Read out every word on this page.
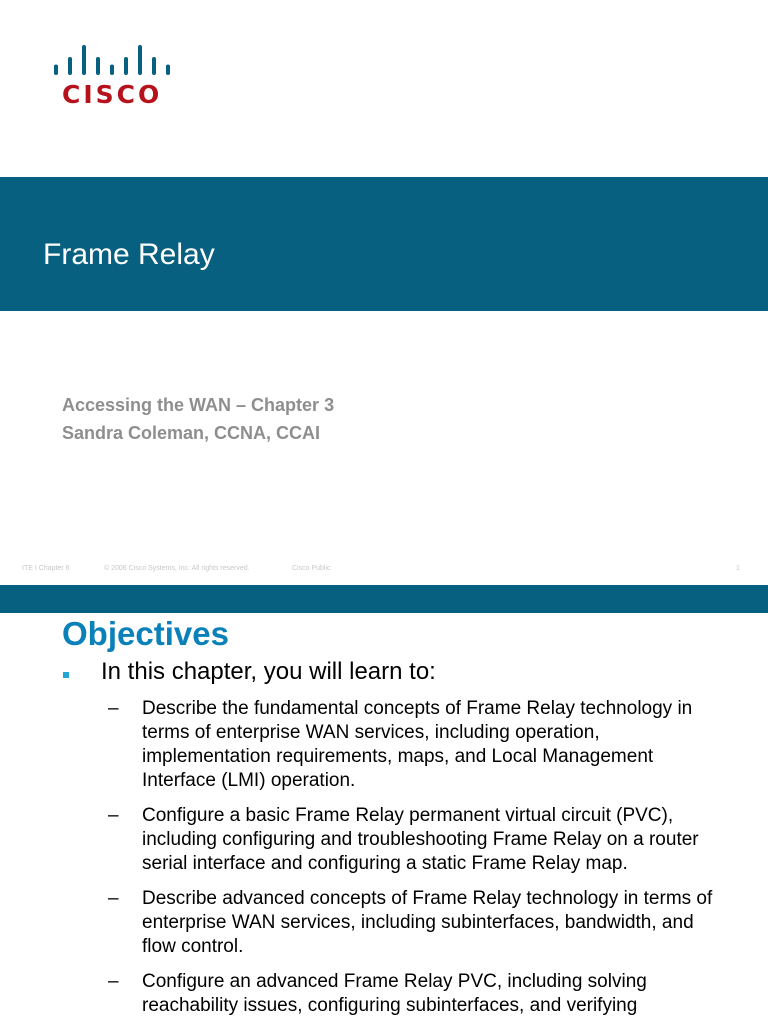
CISCO
Frame Relay
Accessing the WAN – Chapter 3
Sandra Coleman, CCNA, CCAI
ITE I Chapter 6	© 2006 Cisco Systems, Inc. All rights reserved.	Cisco Public	1
Objectives
In this chapter, you will learn to:
– Describe the fundamental concepts of Frame Relay technology in terms of enterprise WAN services, including operation, implementation requirements, maps, and Local Management Interface (LMI) operation.
– Configure a basic Frame Relay permanent virtual circuit (PVC), including configuring and troubleshooting Frame Relay on a router serial interface and configuring a static Frame Relay map.
– Describe advanced concepts of Frame Relay technology in terms of enterprise WAN services, including subinterfaces, bandwidth, and flow control.
– Configure an advanced Frame Relay PVC, including solving reachability issues, configuring subinterfaces, and verifying
